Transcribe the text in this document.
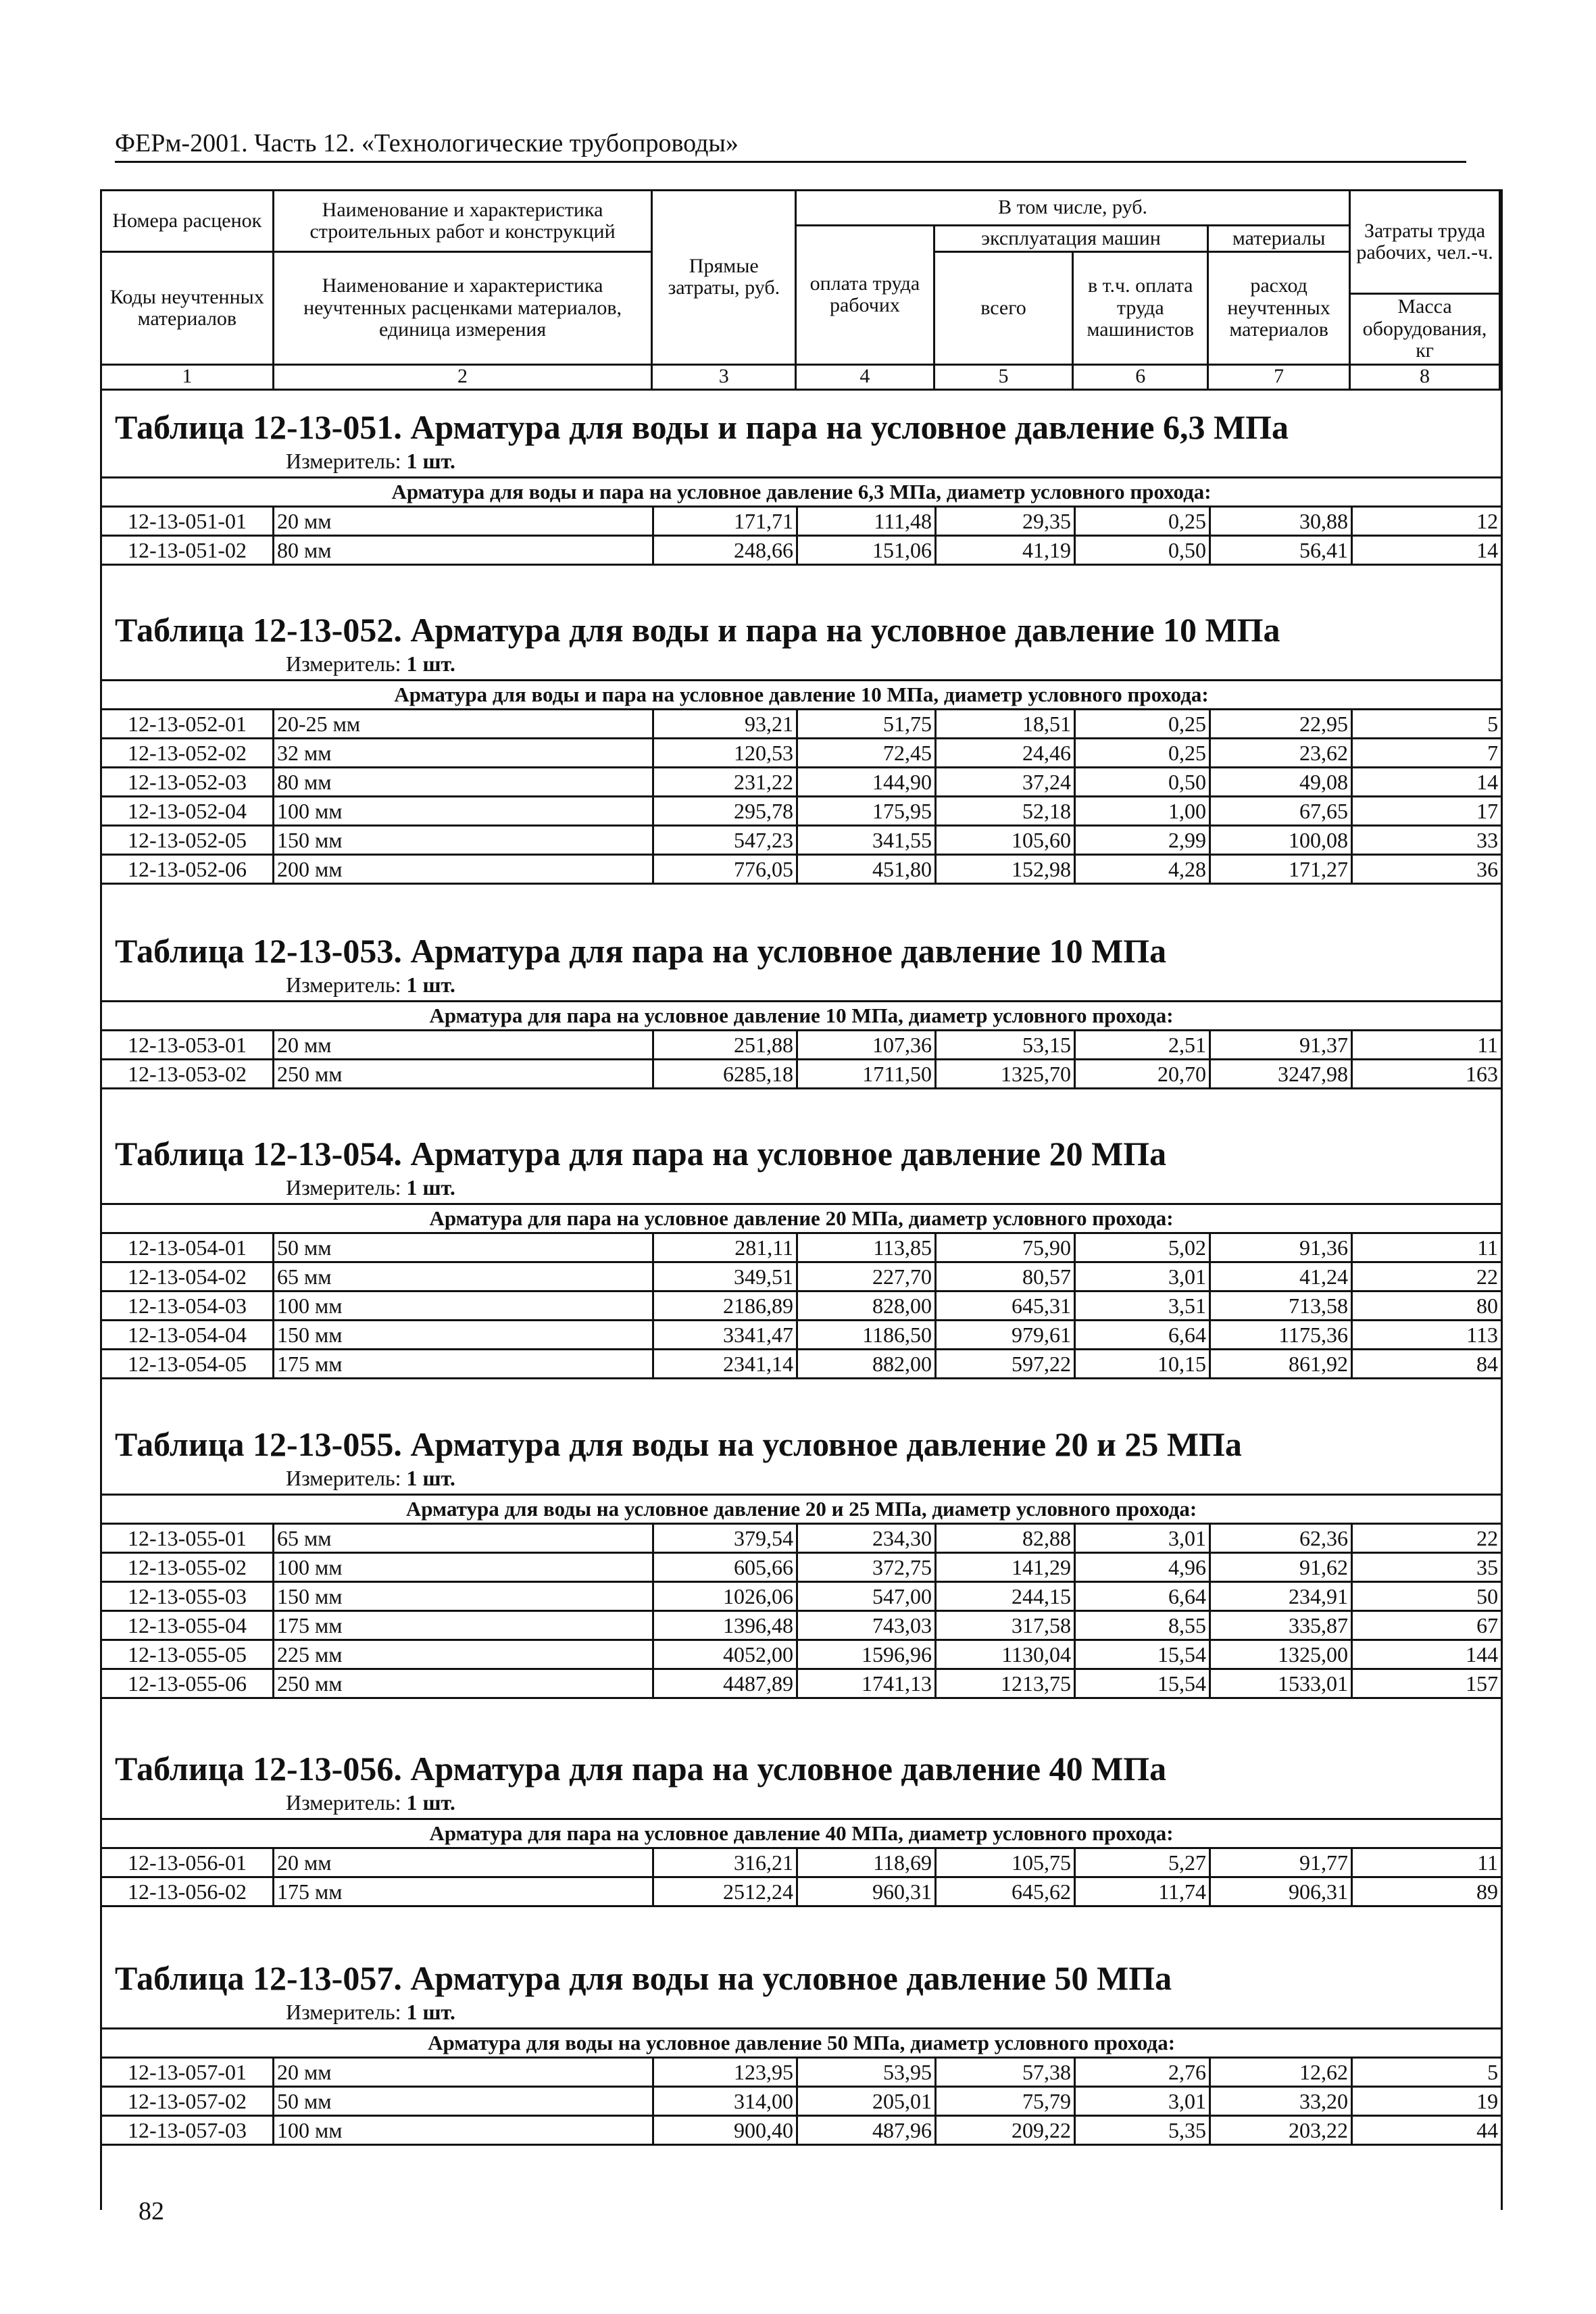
ФЕРм-2001. Часть 12. «Технологические трубопроводы»
Номера расценок	Наименование и характеристика строительных работ и конструкций	Прямые затраты, руб.	В том числе, руб.				Затраты труда рабочих, чел.-ч.
			оплата труда рабочих	эксплуатация машин		материалы	
Коды неучтенных материалов	Наименование и характеристика неучтенных расценками материалов, единица измерения			всего	в т.ч. оплата труда машинистов	расход неучтенных материалов	
							Масса оборудования, кг
1	2	3	4	5	6	7	8
Таблица 12-13-051. Арматура для воды и пара на условное давление 6,3 МПа
Измеритель: 1 шт.
Арматура для воды и пара на условное давление 6,3 МПа, диаметр условного прохода:							
12-13-051-01	20 мм	171,71	111,48	29,35	0,25	30,88	12
12-13-051-02	80 мм	248,66	151,06	41,19	0,50	56,41	14
Таблица 12-13-052. Арматура для воды и пара на условное давление 10 МПа
Измеритель: 1 шт.
Арматура для воды и пара на условное давление 10 МПа, диаметр условного прохода:							
12-13-052-01	20-25 мм	93,21	51,75	18,51	0,25	22,95	5
12-13-052-02	32 мм	120,53	72,45	24,46	0,25	23,62	7
12-13-052-03	80 мм	231,22	144,90	37,24	0,50	49,08	14
12-13-052-04	100 мм	295,78	175,95	52,18	1,00	67,65	17
12-13-052-05	150 мм	547,23	341,55	105,60	2,99	100,08	33
12-13-052-06	200 мм	776,05	451,80	152,98	4,28	171,27	36
Таблица 12-13-053. Арматура для пара на условное давление 10 МПа
Измеритель: 1 шт.
Арматура для пара на условное давление 10 МПа, диаметр условного прохода:							
12-13-053-01	20 мм	251,88	107,36	53,15	2,51	91,37	11
12-13-053-02	250 мм	6285,18	1711,50	1325,70	20,70	3247,98	163
Таблица 12-13-054. Арматура для пара на условное давление 20 МПа
Измеритель: 1 шт.
Арматура для пара на условное давление 20 МПа, диаметр условного прохода:							
12-13-054-01	50 мм	281,11	113,85	75,90	5,02	91,36	11
12-13-054-02	65 мм	349,51	227,70	80,57	3,01	41,24	22
12-13-054-03	100 мм	2186,89	828,00	645,31	3,51	713,58	80
12-13-054-04	150 мм	3341,47	1186,50	979,61	6,64	1175,36	113
12-13-054-05	175 мм	2341,14	882,00	597,22	10,15	861,92	84
Таблица 12-13-055. Арматура для воды на условное давление 20 и 25 МПа
Измеритель: 1 шт.
Арматура для воды на условное давление 20 и 25 МПа, диаметр условного прохода:							
12-13-055-01	65 мм	379,54	234,30	82,88	3,01	62,36	22
12-13-055-02	100 мм	605,66	372,75	141,29	4,96	91,62	35
12-13-055-03	150 мм	1026,06	547,00	244,15	6,64	234,91	50
12-13-055-04	175 мм	1396,48	743,03	317,58	8,55	335,87	67
12-13-055-05	225 мм	4052,00	1596,96	1130,04	15,54	1325,00	144
12-13-055-06	250 мм	4487,89	1741,13	1213,75	15,54	1533,01	157
Таблица 12-13-056. Арматура для пара на условное давление 40 МПа
Измеритель: 1 шт.
Арматура для пара на условное давление 40 МПа, диаметр условного прохода:							
12-13-056-01	20 мм	316,21	118,69	105,75	5,27	91,77	11
12-13-056-02	175 мм	2512,24	960,31	645,62	11,74	906,31	89
Таблица 12-13-057. Арматура для воды на условное давление 50 МПа
Измеритель: 1 шт.
Арматура для воды на условное давление 50 МПа, диаметр условного прохода:							
12-13-057-01	20 мм	123,95	53,95	57,38	2,76	12,62	5
12-13-057-02	50 мм	314,00	205,01	75,79	3,01	33,20	19
12-13-057-03	100 мм	900,40	487,96	209,22	5,35	203,22	44
82
